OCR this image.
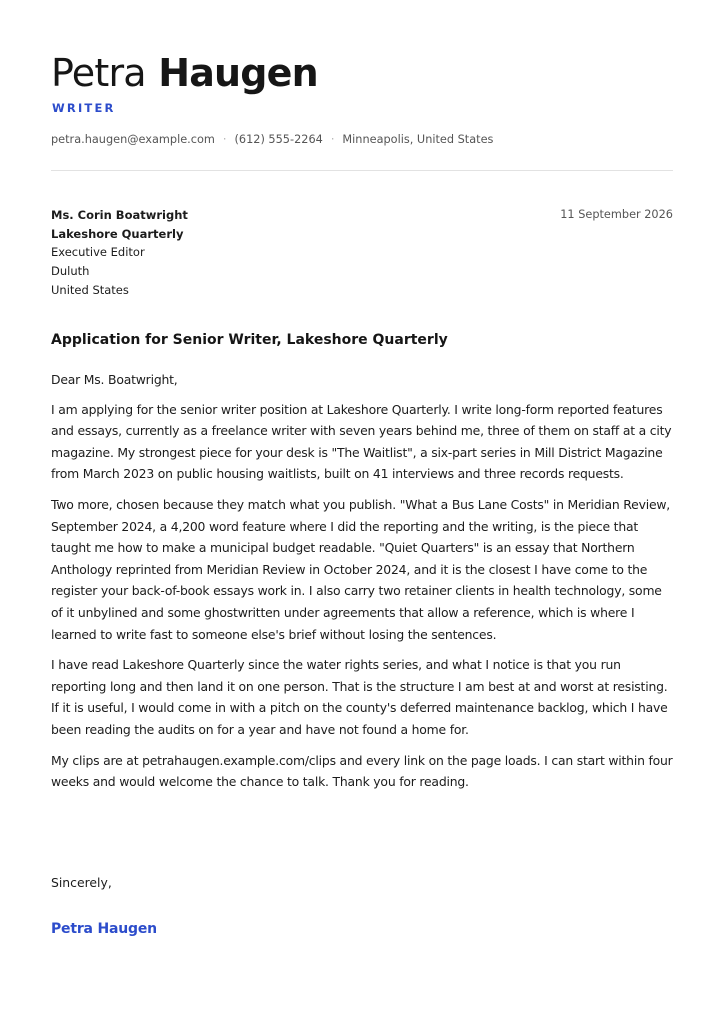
Petra Haugen
WRITER
petra.haugen@example.com · (612) 555-2264 · Minneapolis, United States
Ms. Corin Boatwright
Lakeshore Quarterly
Executive Editor
Duluth
United States
11 September 2026
Application for Senior Writer, Lakeshore Quarterly

Dear Ms. Boatwright,

I am applying for the senior writer position at Lakeshore Quarterly. I write long-form reported features and essays, currently as a freelance writer with seven years behind me, three of them on staff at a city magazine. My strongest piece for your desk is "The Waitlist", a six-part series in Mill District Magazine from March 2023 on public housing waitlists, built on 41 interviews and three records requests.

Two more, chosen because they match what you publish. "What a Bus Lane Costs" in Meridian Review, September 2024, a 4,200 word feature where I did the reporting and the writing, is the piece that taught me how to make a municipal budget readable. "Quiet Quarters" is an essay that Northern Anthology reprinted from Meridian Review in October 2024, and it is the closest I have come to the register your back-of-book essays work in. I also carry two retainer clients in health technology, some of it unbylined and some ghostwritten under agreements that allow a reference, which is where I learned to write fast to someone else's brief without losing the sentences.

I have read Lakeshore Quarterly since the water rights series, and what I notice is that you run reporting long and then land it on one person. That is the structure I am best at and worst at resisting. If it is useful, I would come in with a pitch on the county's deferred maintenance backlog, which I have been reading the audits on for a year and have not found a home for.

My clips are at petrahaugen.example.com/clips and every link on the page loads. I can start within four weeks and would welcome the chance to talk. Thank you for reading.

Sincerely,
Petra Haugen
